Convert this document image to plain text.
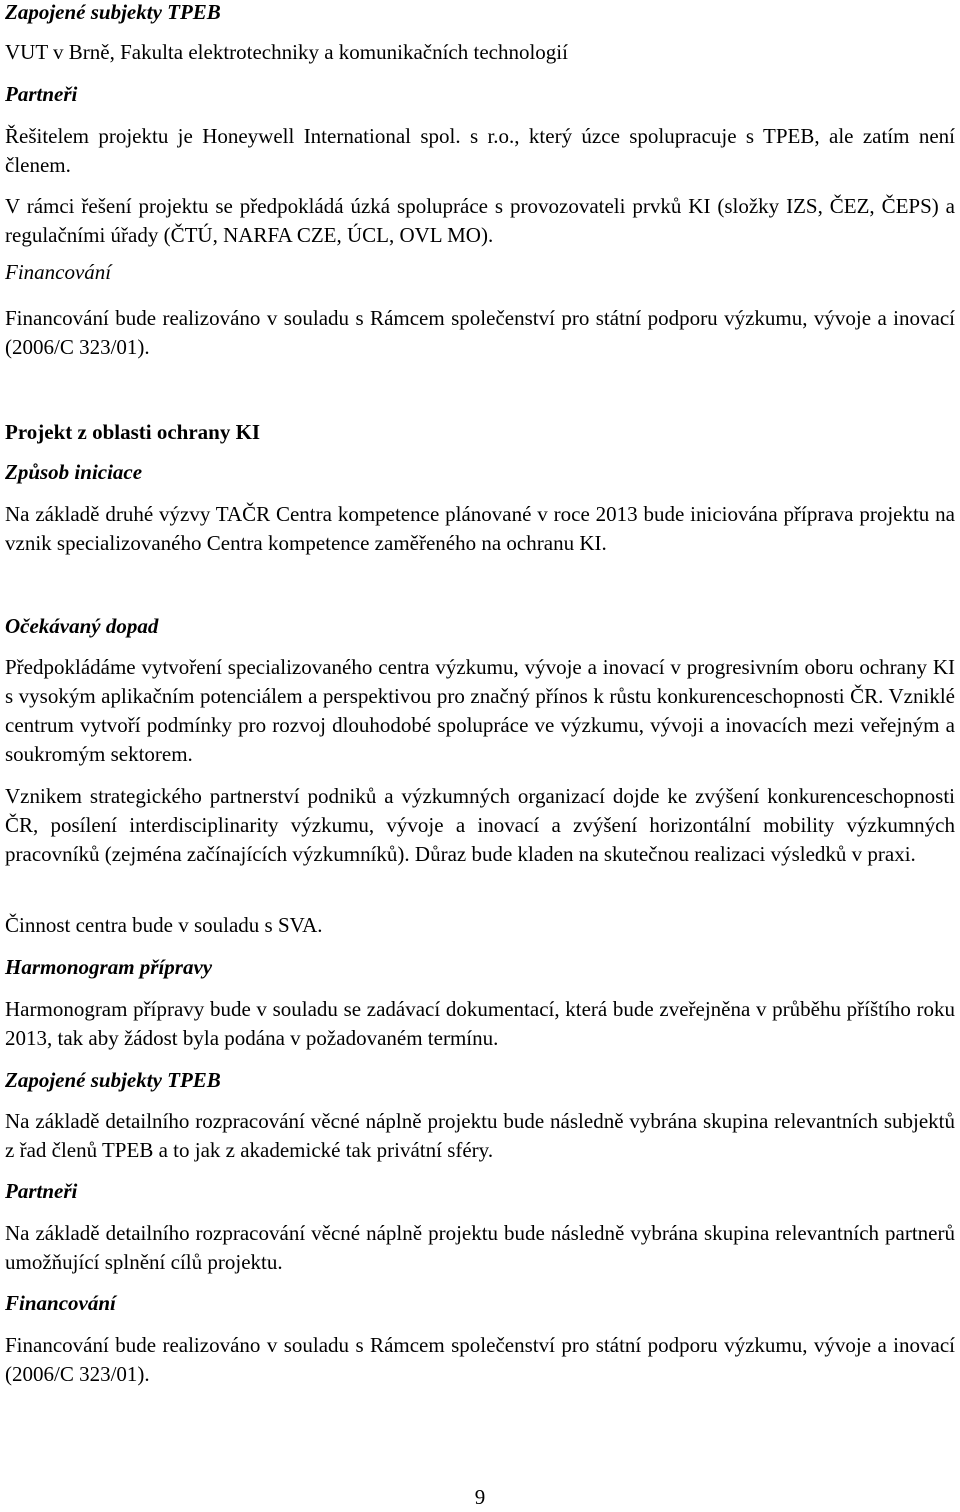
Zapojené subjekty TPEB

VUT v Brně, Fakulta elektrotechniky a komunikačních technologií

Partneři

Řešitelem projektu je Honeywell International spol. s r.o., který úzce spolupracuje s TPEB, ale zatím není členem.

V rámci řešení projektu se předpokládá úzká spolupráce s provozovateli prvků KI (složky IZS, ČEZ, ČEPS) a regulačními úřady (ČTÚ, NARFA CZE, ÚCL, OVL MO).

Financování

Financování bude realizováno v souladu s Rámcem společenství pro státní podporu výzkumu, vývoje a inovací (2006/C 323/01).

Projekt z oblasti ochrany KI

Způsob iniciace

Na základě druhé výzvy TAČR Centra kompetence plánované v roce 2013 bude iniciována příprava projektu na vznik specializovaného Centra kompetence zaměřeného na ochranu KI.

Očekávaný dopad

Předpokládáme vytvoření specializovaného centra výzkumu, vývoje a inovací v progresivním oboru ochrany KI s vysokým aplikačním potenciálem a perspektivou pro značný přínos k růstu konkurenceschopnosti ČR. Vzniklé centrum vytvoří podmínky pro rozvoj dlouhodobé spolupráce ve výzkumu, vývoji a inovacích mezi veřejným a soukromým sektorem.

Vznikem strategického partnerství podniků a výzkumných organizací dojde ke zvýšení konkurenceschopnosti ČR, posílení interdisciplinarity výzkumu, vývoje a inovací a zvýšení horizontální mobility výzkumných pracovníků (zejména začínajících výzkumníků). Důraz bude kladen na skutečnou realizaci výsledků v praxi.

Činnost centra bude v souladu s SVA.

Harmonogram přípravy

Harmonogram přípravy bude v souladu se zadávací dokumentací, která bude zveřejněna v průběhu příštího roku 2013, tak aby žádost byla podána v požadovaném termínu.

Zapojené subjekty TPEB

Na základě detailního rozpracování věcné náplně projektu bude následně vybrána skupina relevantních subjektů z řad členů TPEB a to jak z akademické tak privátní sféry.

Partneři

Na základě detailního rozpracování věcné náplně projektu bude následně vybrána skupina relevantních partnerů umožňující splnění cílů projektu.

Financování

Financování bude realizováno v souladu s Rámcem společenství pro státní podporu výzkumu, vývoje a inovací (2006/C 323/01).

9
